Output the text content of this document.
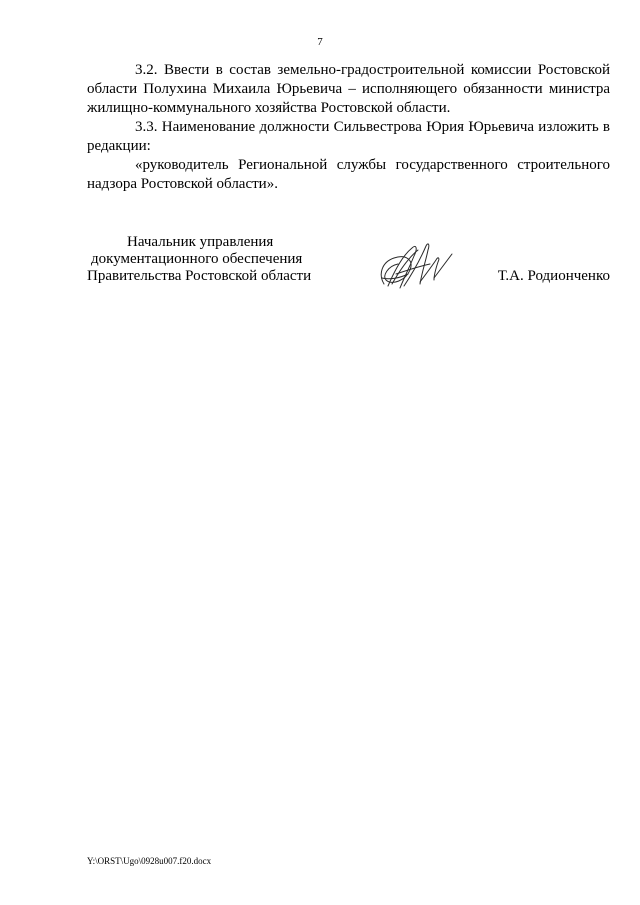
7

3.2. Ввести в состав земельно-градостроительной комиссии Ростовской области Полухина Михаила Юрьевича – исполняющего обязанности министра жилищно-коммунального хозяйства Ростовской области.

3.3. Наименование должности Сильвестрова Юрия Юрьевича изложить в редакции:

«руководитель Региональной службы государственного строительного надзора Ростовской области».

Начальник управления
документационного обеспечения
Правительства Ростовской области	Т.А. Родионченко
Y:\ORST\Ugo\0928u007.f20.docx
